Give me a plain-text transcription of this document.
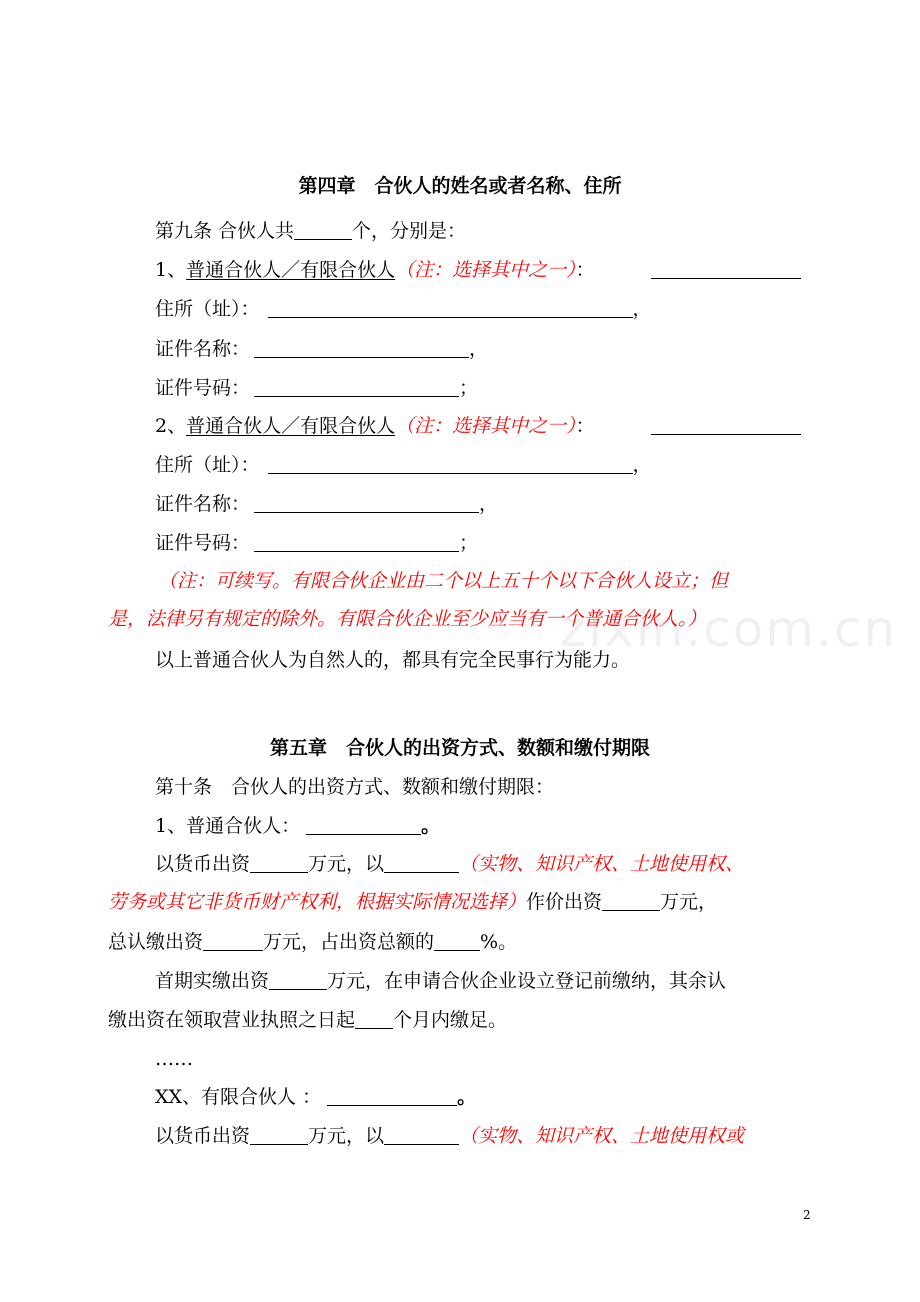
zixin.com.cn
第四章　合伙人的姓名或者名称、住所
第九条 合伙人共	个，分别是：
1、普通合伙人／有限合伙人（注：选择其中之一）：
住所（址）：	，
证件名称：	，
证件号码：	；
2、普通合伙人／有限合伙人（注：选择其中之一）：
住所（址）：	，
证件名称：	，
证件号码：	；
（注：可续写。有限合伙企业由二个以上五十个以下合伙人设立；但
是，法律另有规定的除外。有限合伙企业至少应当有一个普通合伙人。）
以上普通合伙人为自然人的，都具有完全民事行为能力。
第五章　合伙人的出资方式、数额和缴付期限
第十条　合伙人的出资方式、数额和缴付期限：
1、普通合伙人：	。
以货币出资	万元，以	（实物、知识产权、土地使用权、
劳务或其它非货币财产权利，根据实际情况选择）作价出资	万元，
总认缴出资	万元，占出资总额的 %。
首期实缴出资	万元，在申请合伙企业设立登记前缴纳，其余认
缴出资在领取营业执照之日起 个月内缴足。
……
XX、有限合伙人 ：	。
以货币出资	万元，以	（实物、知识产权、土地使用权或
2
